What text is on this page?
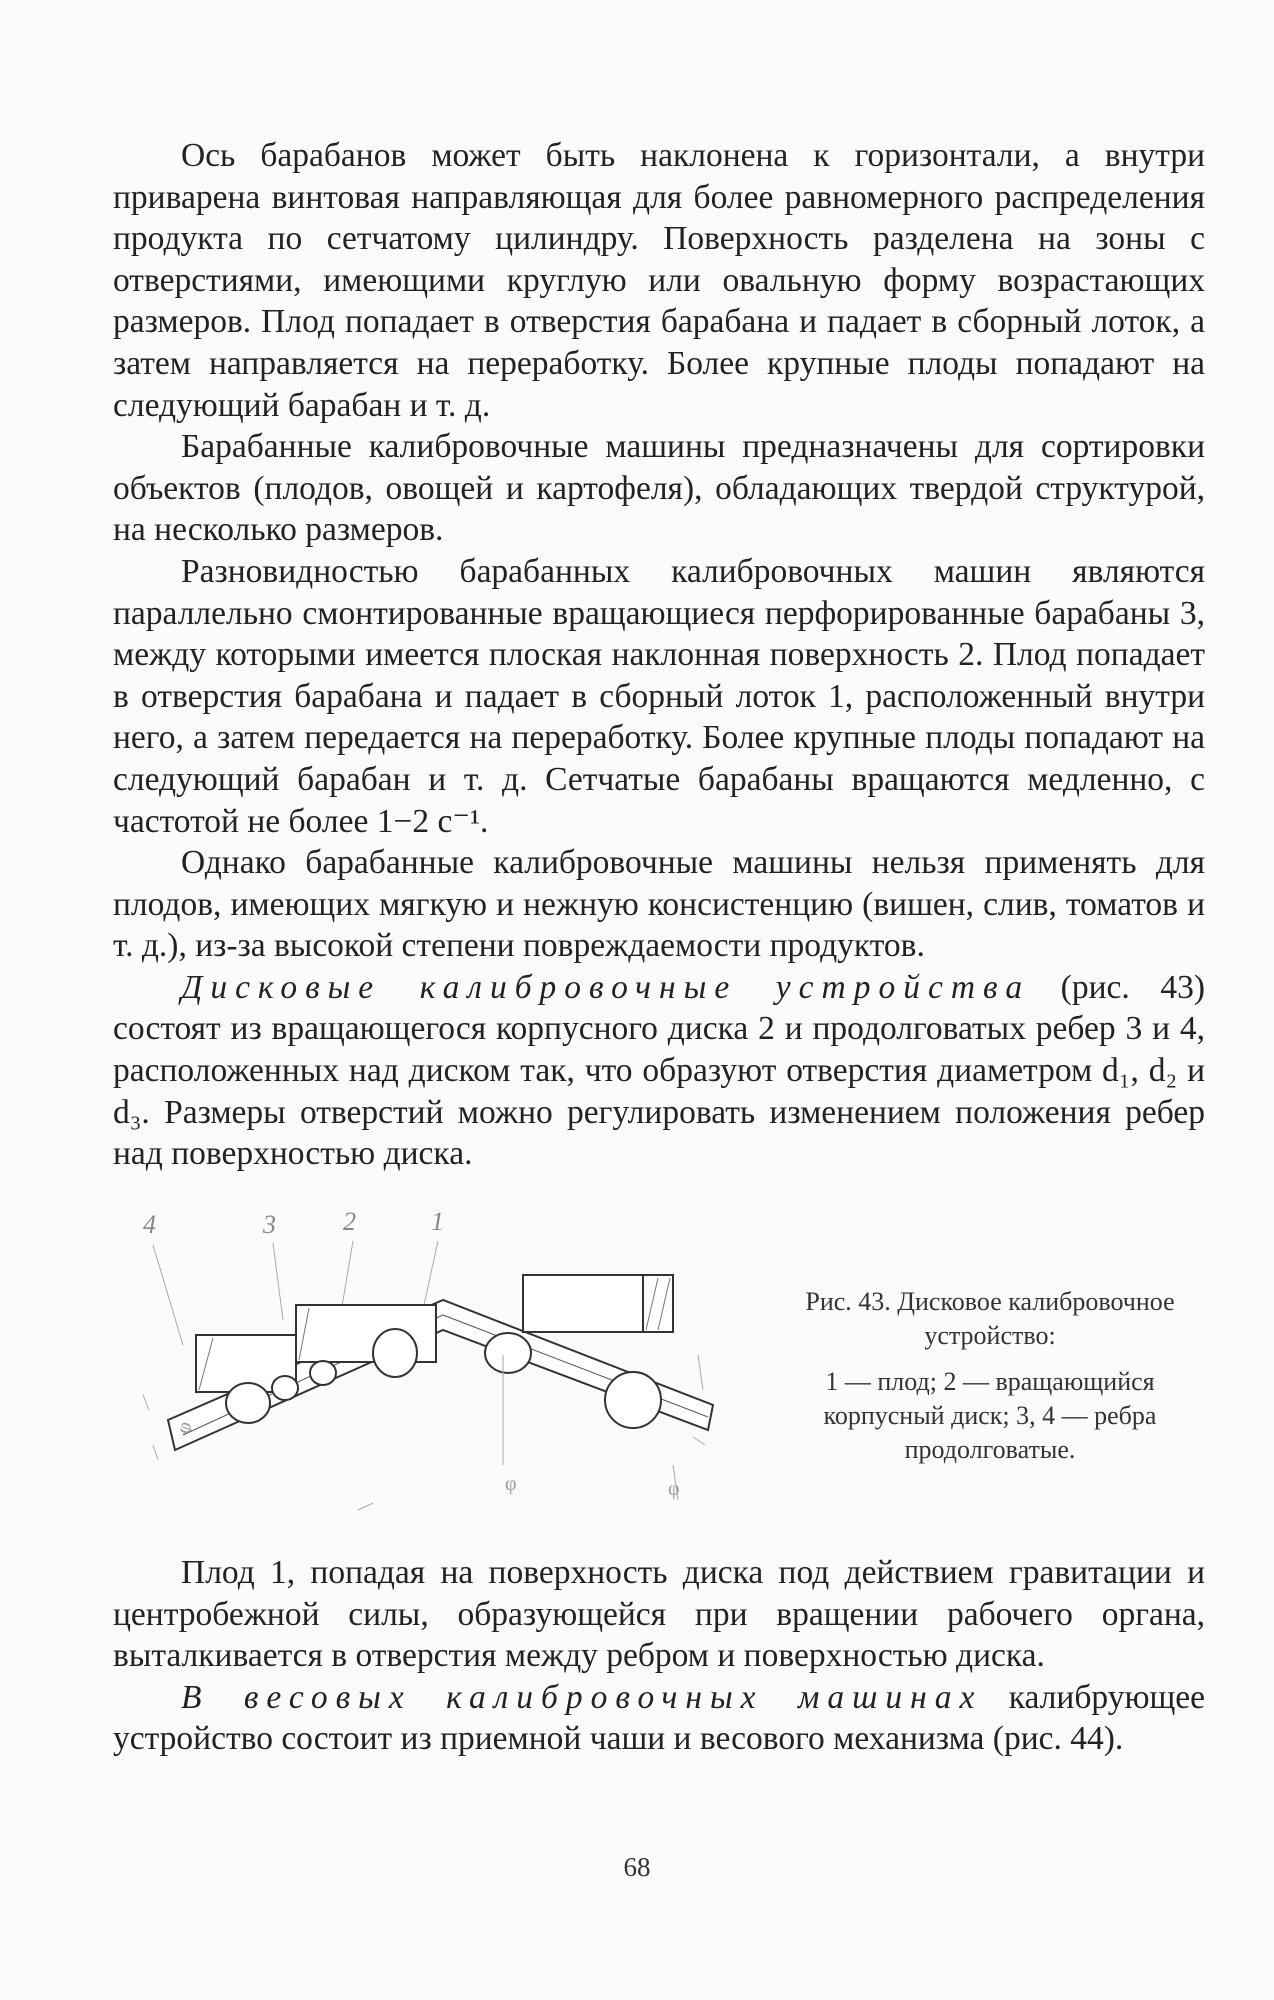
Ось барабанов может быть наклонена к горизонтали, а внутри приварена винтовая направляющая для более равномерного распределения продукта по сетчатому цилиндру. Поверхность разделена на зоны с отверстиями, имеющими круглую или овальную форму возрастающих размеров. Плод попадает в отверстия барабана и падает в сборный лоток, а затем направляется на переработку. Более крупные плоды попадают на следующий барабан и т. д.

Барабанные калибровочные машины предназначены для сортировки объектов (плодов, овощей и картофеля), обладающих твердой структурой, на несколько размеров.

Разновидностью барабанных калибровочных машин являются параллельно смонтированные вращающиеся перфорированные барабаны 3, между которыми имеется плоская наклонная поверхность 2. Плод попадает в отверстия барабана и падает в сборный лоток 1, расположенный внутри него, а затем передается на переработку. Более крупные плоды попадают на следующий барабан и т. д. Сетчатые барабаны вращаются медленно, с частотой не более 1−2 с⁻¹.

Однако барабанные калибровочные машины нельзя применять для плодов, имеющих мягкую и нежную консистенцию (вишен, слив, томатов и т. д.), из-за высокой степени повреждаемости продуктов.

Дисковые калибровочные устройства (рис. 43) состоят из вращающегося корпусного диска 2 и продолговатых ребер 3 и 4, расположенных над диском так, что образуют отверстия диаметром d₁, d₂ и d₃. Размеры отверстий можно регулировать изменением положения ребер над поверхностью диска.

4	3	2	1
φ
φ	φ
Рис. 43. Дисковое калибровочное устройство:
1 — плод; 2 — вращающийся корпусный диск; 3, 4 — ребра продолговатые.

Плод 1, попадая на поверхность диска под действием гравитации и центробежной силы, образующейся при вращении рабочего органа, выталкивается в отверстия между ребром и поверхностью диска.

В весовых калибровочных машинах калибрующее устройство состоит из приемной чаши и весового механизма (рис. 44).

68
